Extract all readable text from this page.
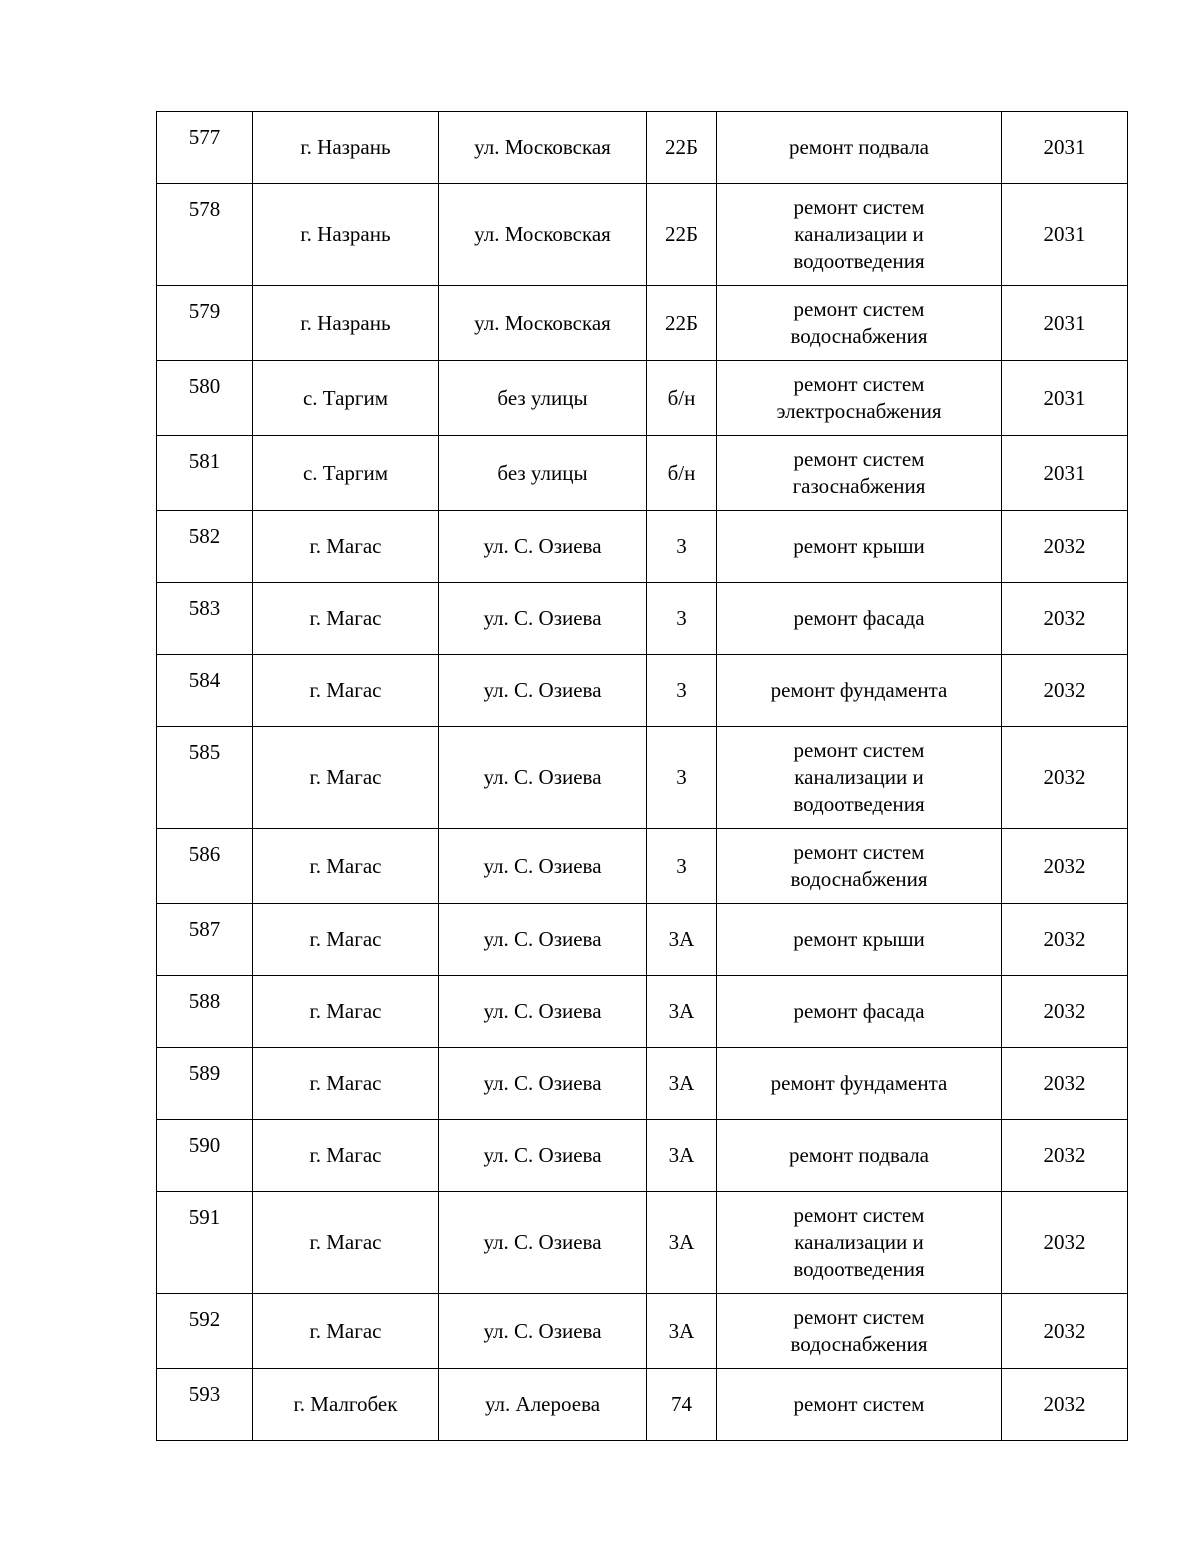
577	г. Назрань	ул. Московская	22Б	ремонт подвала	2031
578	г. Назрань	ул. Московская	22Б	ремонт систем
канализации и
водоотведения	2031
579	г. Назрань	ул. Московская	22Б	ремонт систем
водоснабжения	2031
580	с. Таргим	без улицы	б/н	ремонт систем
электроснабжения	2031
581	с. Таргим	без улицы	б/н	ремонт систем
газоснабжения	2031
582	г. Магас	ул. С. Озиева	3	ремонт крыши	2032
583	г. Магас	ул. С. Озиева	3	ремонт фасада	2032
584	г. Магас	ул. С. Озиева	3	ремонт фундамента	2032
585	г. Магас	ул. С. Озиева	3	ремонт систем
канализации и
водоотведения	2032
586	г. Магас	ул. С. Озиева	3	ремонт систем
водоснабжения	2032
587	г. Магас	ул. С. Озиева	3А	ремонт крыши	2032
588	г. Магас	ул. С. Озиева	3А	ремонт фасада	2032
589	г. Магас	ул. С. Озиева	3А	ремонт фундамента	2032
590	г. Магас	ул. С. Озиева	3А	ремонт подвала	2032
591	г. Магас	ул. С. Озиева	3А	ремонт систем
канализации и
водоотведения	2032
592	г. Магас	ул. С. Озиева	3А	ремонт систем
водоснабжения	2032
593	г. Малгобек	ул. Алероева	74	ремонт систем	2032
